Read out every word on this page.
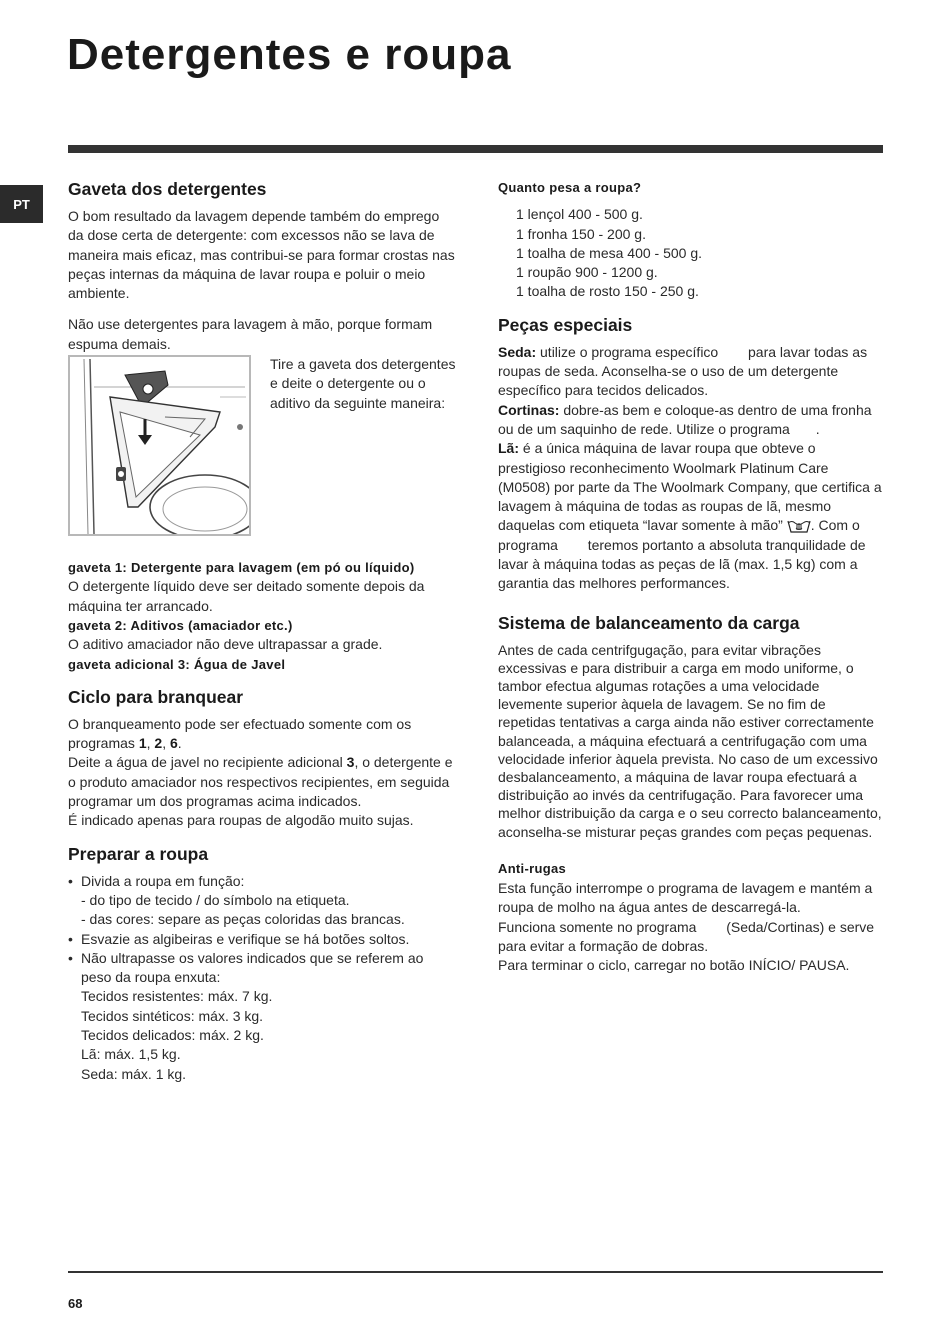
Detergentes e roupa
PT
Gaveta dos detergentes

O bom resultado da lavagem depende também do emprego da dose certa de detergente: com excessos não se lava de maneira mais eficaz, mas contribui-se para formar crostas nas peças internas da máquina de lavar roupa e poluir o meio ambiente.

Não use detergentes para lavagem à mão, porque formam espuma demais.

Tire a gaveta dos detergentes e deite o detergente ou o aditivo da seguinte maneira:

gaveta 1: Detergente para lavagem (em pó ou líquido)

O detergente líquido deve ser deitado somente depois da máquina ter arrancado.

gaveta 2: Aditivos (amaciador etc.)

O aditivo amaciador não deve ultrapassar a grade.

gaveta adicional 3: Água de Javel

Ciclo para branquear

O branqueamento pode ser efectuado somente com os programas 1, 2, 6.

Deite a água de javel no recipiente adicional 3, o detergente e o produto amaciador nos respectivos recipientes, em seguida programar um dos programas acima indicados.

É indicado apenas para roupas de algodão muito sujas.

Preparar a roupa
• Divida a roupa em função:
- do tipo de tecido / do símbolo na etiqueta.
- das cores: separe as peças coloridas das brancas.
• Esvazie as algibeiras e verifique se há botões soltos.
• Não ultrapasse os valores indicados que se referem ao peso da roupa enxuta:
Tecidos resistentes: máx. 7 kg.
Tecidos sintéticos: máx. 3 kg.
Tecidos delicados: máx. 2 kg.
Lã: máx. 1,5 kg.
Seda: máx. 1 kg.
Quanto pesa a roupa?
1 lençol 400 - 500 g.
1 fronha 150 - 200 g.
1 toalha de mesa 400 - 500 g.
1 roupão 900 - 1200 g.
1 toalha de rosto 150 - 250 g.
Peças especiais

Seda: utilize o programa específico  para lavar todas as roupas de seda. Aconselha-se o uso de um detergente específico para tecidos delicados.

Cortinas: dobre-as bem e coloque-as dentro de uma fronha ou de um saquinho de rede. Utilize o programa .

Lã: é a única máquina de lavar roupa que obteve o prestigioso reconhecimento Woolmark Platinum Care (M0508) por parte da The Woolmark Company, que certifica a lavagem à máquina de todas as roupas de lã, mesmo daquelas com etiqueta “lavar somente à mão” . Com o programa  teremos portanto a absoluta tranquilidade de lavar à máquina todas as peças de lã (max. 1,5 kg) com a garantia das melhores performances.

Sistema de balanceamento da carga

Antes de cada centrifgugação, para evitar vibrações excessivas e para distribuir a carga em modo uniforme, o tambor efectua algumas rotações a uma velocidade levemente superior àquela de lavagem. Se no fim de repetidas tentativas a carga ainda não estiver correctamente balanceada, a máquina efectuará a centrifugação com uma velocidade inferior àquela prevista. No caso de um excessivo desbalanceamento, a máquina de lavar roupa efectuará a distribuição ao invés da centrifugação. Para favorecer uma melhor distribuição da carga e o seu correcto balanceamento, aconselha-se misturar peças grandes com peças pequenas.

Anti-rugas

Esta função interrompe o programa de lavagem e mantém a roupa de molho na água antes de descarregá-la.

Funciona somente no programa  (Seda/Cortinas) e serve para evitar a formação de dobras.

Para terminar o ciclo, carregar no botão INÍCIO/ PAUSA.

68
